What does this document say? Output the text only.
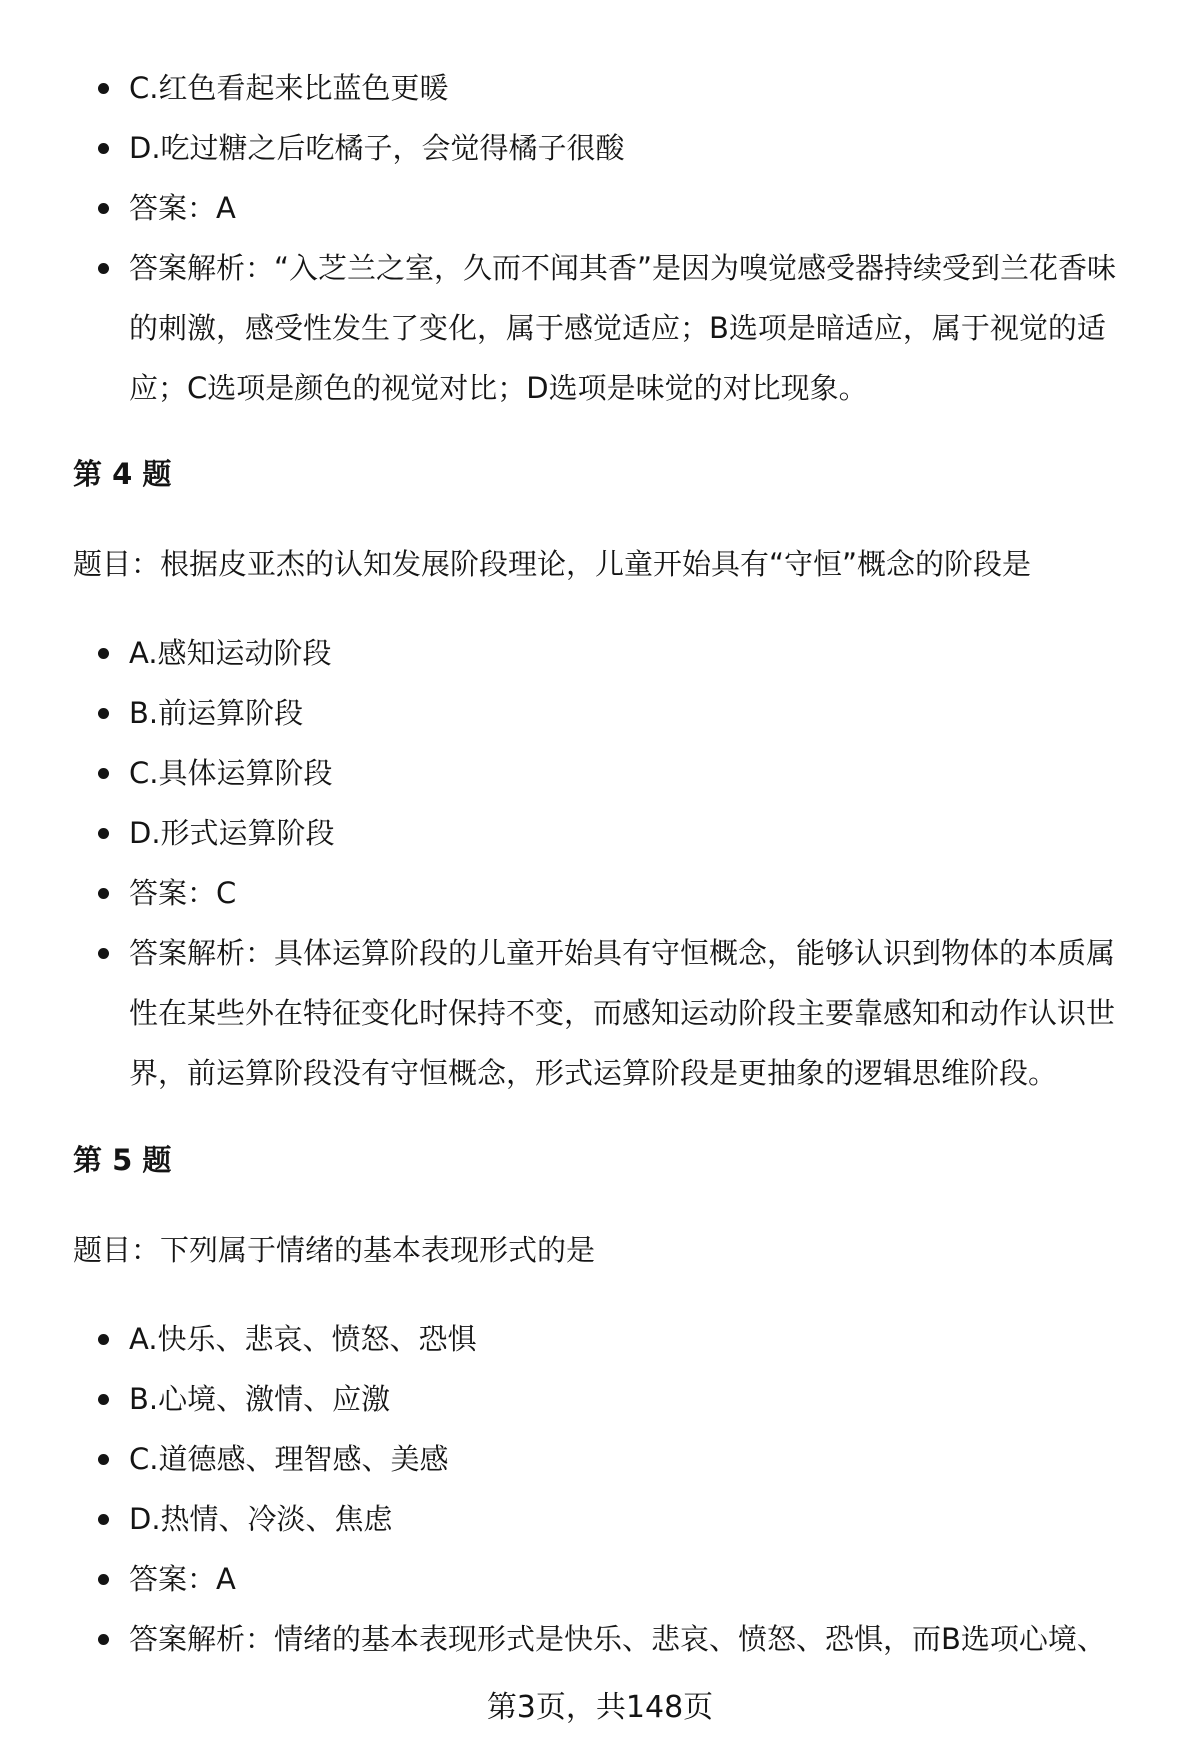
C.红色看起来比蓝色更暖
D.吃过糖之后吃橘子，会觉得橘子很酸
答案：A
答案解析：“入芝兰之室，久而不闻其香”是因为嗅觉感受器持续受到兰花香味的刺激，感受性发生了变化，属于感觉适应；B选项是暗适应，属于视觉的适应；C选项是颜色的视觉对比；D选项是味觉的对比现象。
第 4 题
题目：根据皮亚杰的认知发展阶段理论，儿童开始具有“守恒”概念的阶段是
A.感知运动阶段
B.前运算阶段
C.具体运算阶段
D.形式运算阶段
答案：C
答案解析：具体运算阶段的儿童开始具有守恒概念，能够认识到物体的本质属性在某些外在特征变化时保持不变，而感知运动阶段主要靠感知和动作认识世界，前运算阶段没有守恒概念，形式运算阶段是更抽象的逻辑思维阶段。
第 5 题
题目：下列属于情绪的基本表现形式的是
A.快乐、悲哀、愤怒、恐惧
B.心境、激情、应激
C.道德感、理智感、美感
D.热情、冷淡、焦虑
答案：A
答案解析：情绪的基本表现形式是快乐、悲哀、愤怒、恐惧，而B选项心境、
第3页，共148页
